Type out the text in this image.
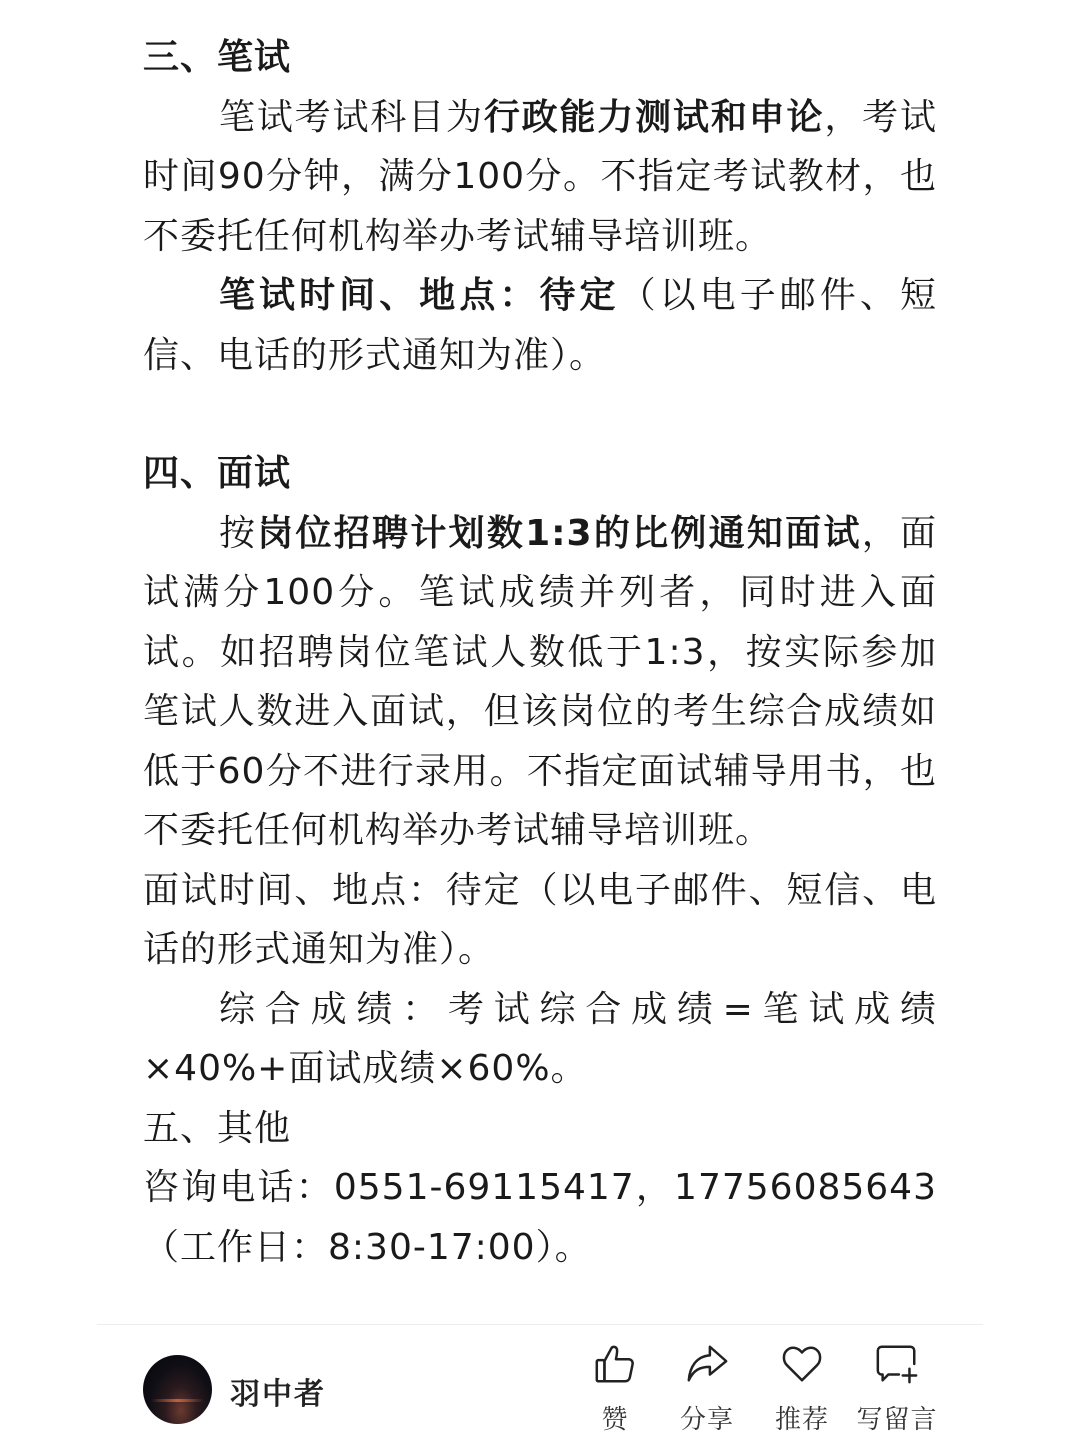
三、笔试

笔试考试科目为行政能力测试和申论，考试时间90分钟，满分100分。不指定考试教材，也不委托任何机构举办考试辅导培训班。

笔试时间、地点：待定（以电子邮件、短信、电话的形式通知为准）。

四、面试

按岗位招聘计划数1:3的比例通知面试，面试满分100分。笔试成绩并列者，同时进入面试。如招聘岗位笔试人数低于1:3，按实际参加笔试人数进入面试，但该岗位的考生综合成绩如低于60分不进行录用。不指定面试辅导用书，也不委托任何机构举办考试辅导培训班。

面试时间、地点：待定（以电子邮件、短信、电话的形式通知为准）。

综合成绩：考试综合成绩=笔试成绩×40%+面试成绩×60%。

五、其他

咨询电话：0551-69115417，17756085643（工作日：8:30-17:00）。

羽中者
赞	分享	推荐	写留言
